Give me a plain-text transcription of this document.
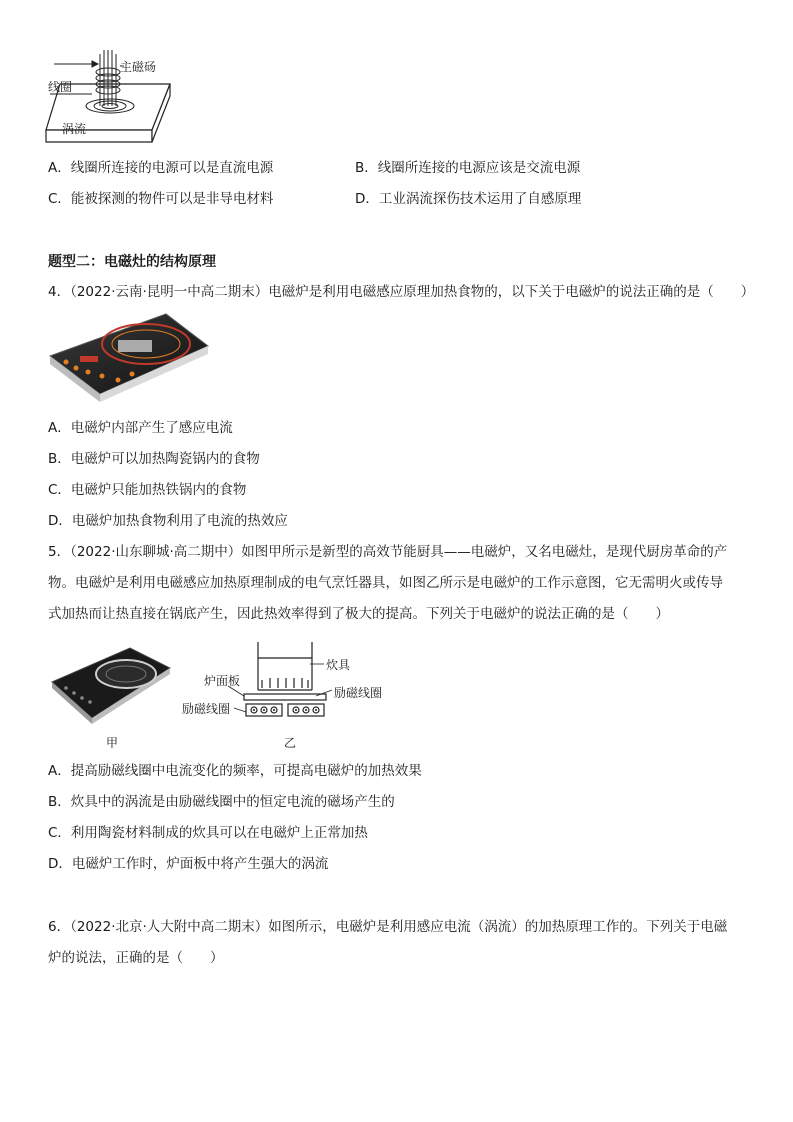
主磁砀
线圈
涡流
A．线圈所连接的电源可以是直流电源	B．线圈所连接的电源应该是交流电源
C．能被探测的物件可以是非导电材料	D．工业涡流探伤技术运用了自感原理
题型二：电磁灶的结构原理
4．（2022·云南·昆明一中高二期末）电磁炉是利用电磁感应原理加热食物的，以下关于电磁炉的说法正确的是（　　）
A．电磁炉内部产生了感应电流
B．电磁炉可以加热陶瓷锅内的食物
C．电磁炉只能加热铁锅内的食物
D．电磁炉加热食物利用了电流的热效应
5．（2022·山东聊城·高二期中）如图甲所示是新型的高效节能厨具——电磁炉，又名电磁灶，是现代厨房革命的产
物。电磁炉是利用电磁感应加热原理制成的电气烹饪器具，如图乙所示是电磁炉的工作示意图，它无需明火或传导
式加热而让热直接在锅底产生，因此热效率得到了极大的提高。下列关于电磁炉的说法正确的是（　　）
甲
炊具
炉面板
励磁线圈
励磁线圈
乙
A．提高励磁线圈中电流变化的频率，可提高电磁炉的加热效果
B．炊具中的涡流是由励磁线圈中的恒定电流的磁场产生的
C．利用陶瓷材料制成的炊具可以在电磁炉上正常加热
D．电磁炉工作时，炉面板中将产生强大的涡流
6．（2022·北京·人大附中高二期末）如图所示，电磁炉是利用感应电流（涡流）的加热原理工作的。下列关于电磁
炉的说法，正确的是（　　）
